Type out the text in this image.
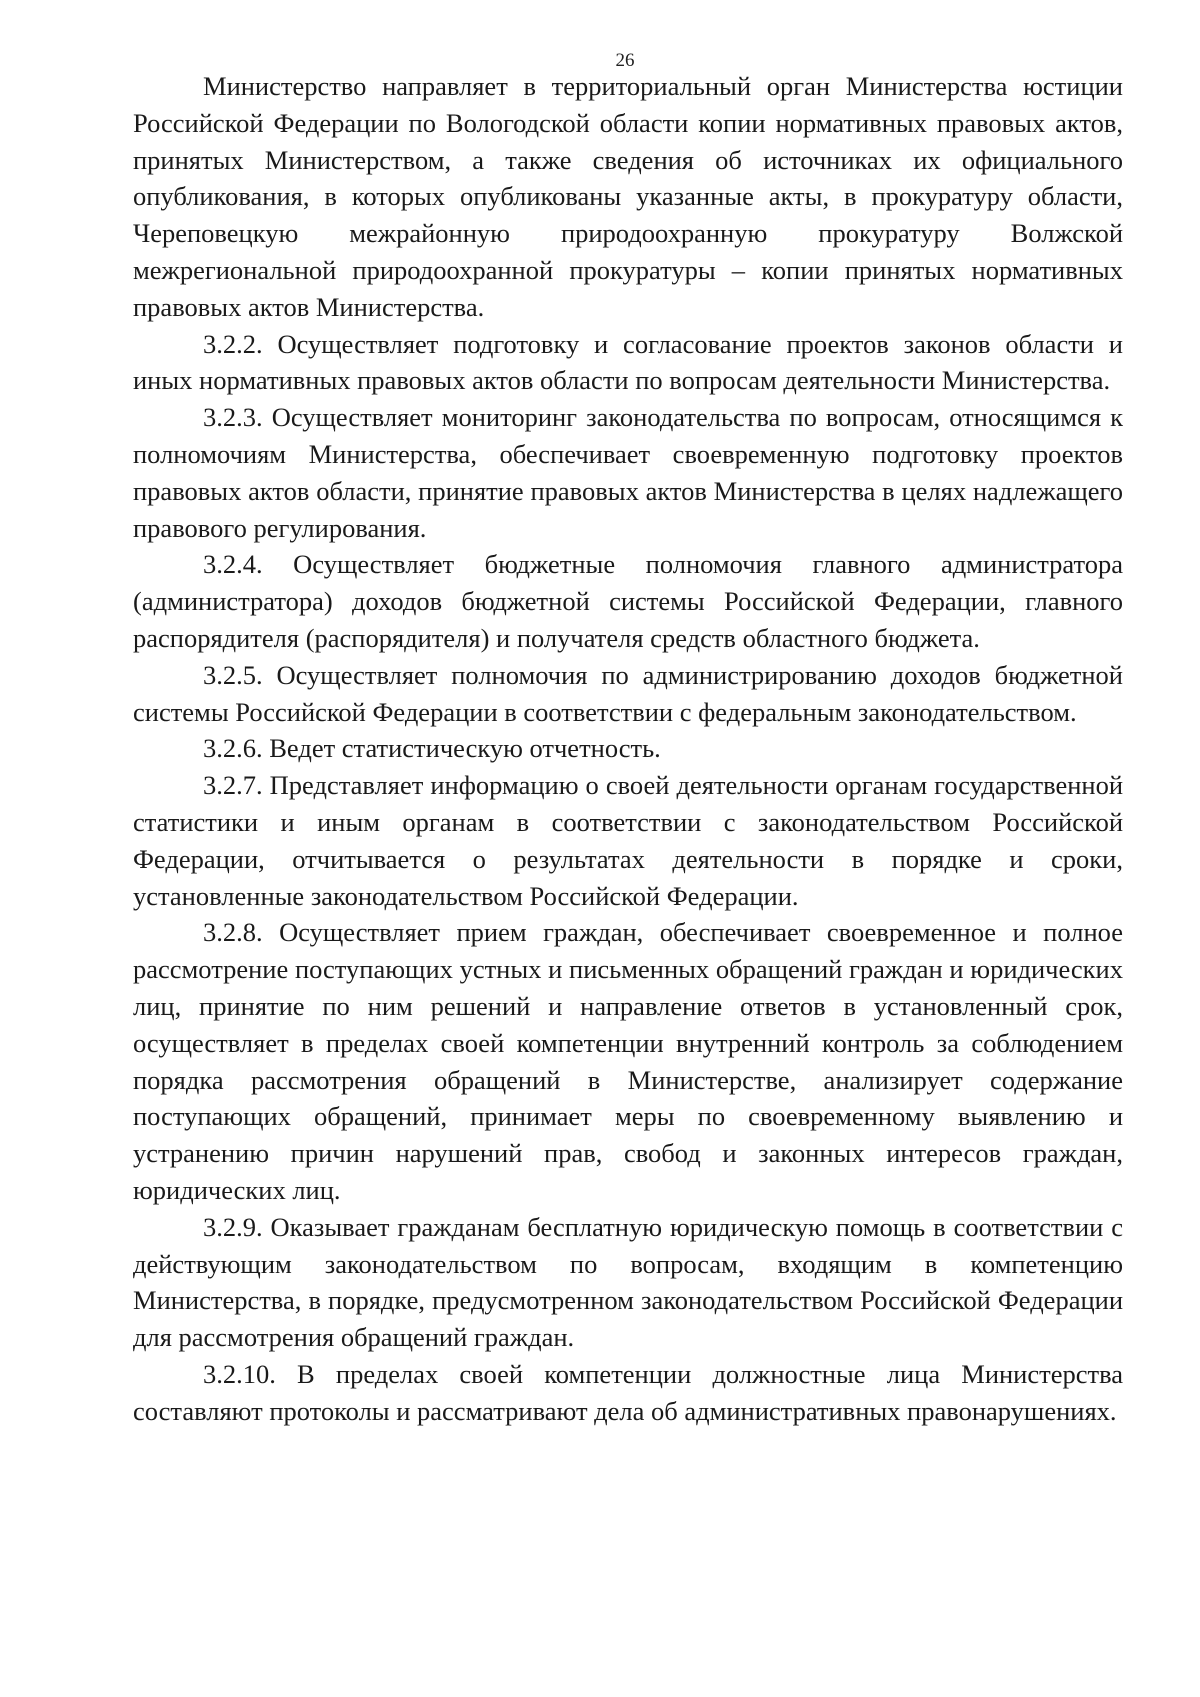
26

Министерство направляет в территориальный орган Министерства юстиции Российской Федерации по Вологодской области копии нормативных правовых актов, принятых Министерством, а также сведения об источниках их официального опубликования, в которых опубликованы указанные акты, в прокуратуру области, Череповецкую межрайонную природоохранную прокуратуру Волжской межрегиональной природоохранной прокуратуры – копии принятых нормативных правовых актов Министерства.

3.2.2. Осуществляет подготовку и согласование проектов законов области и иных нормативных правовых актов области по вопросам деятельности Министерства.

3.2.3. Осуществляет мониторинг законодательства по вопросам, относящимся к полномочиям Министерства, обеспечивает своевременную подготовку проектов правовых актов области, принятие правовых актов Министерства в целях надлежащего правового регулирования.

3.2.4. Осуществляет бюджетные полномочия главного администратора (администратора) доходов бюджетной системы Российской Федерации, главного распорядителя (распорядителя) и получателя средств областного бюджета.

3.2.5. Осуществляет полномочия по администрированию доходов бюджетной системы Российской Федерации в соответствии с федеральным законодательством.

3.2.6. Ведет статистическую отчетность.

3.2.7. Представляет информацию о своей деятельности органам государственной статистики и иным органам в соответствии с законодательством Российской Федерации, отчитывается о результатах деятельности в порядке и сроки, установленные законодательством Российской Федерации.

3.2.8. Осуществляет прием граждан, обеспечивает своевременное и полное рассмотрение поступающих устных и письменных обращений граждан и юридических лиц, принятие по ним решений и направление ответов в установленный срок, осуществляет в пределах своей компетенции внутренний контроль за соблюдением порядка рассмотрения обращений в Министерстве, анализирует содержание поступающих обращений, принимает меры по своевременному выявлению и устранению причин нарушений прав, свобод и законных интересов граждан, юридических лиц.

3.2.9. Оказывает гражданам бесплатную юридическую помощь в соответствии с действующим законодательством по вопросам, входящим в компетенцию Министерства, в порядке, предусмотренном законодательством Российской Федерации для рассмотрения обращений граждан.

3.2.10. В пределах своей компетенции должностные лица Министерства составляют протоколы и рассматривают дела об административных правонарушениях.
